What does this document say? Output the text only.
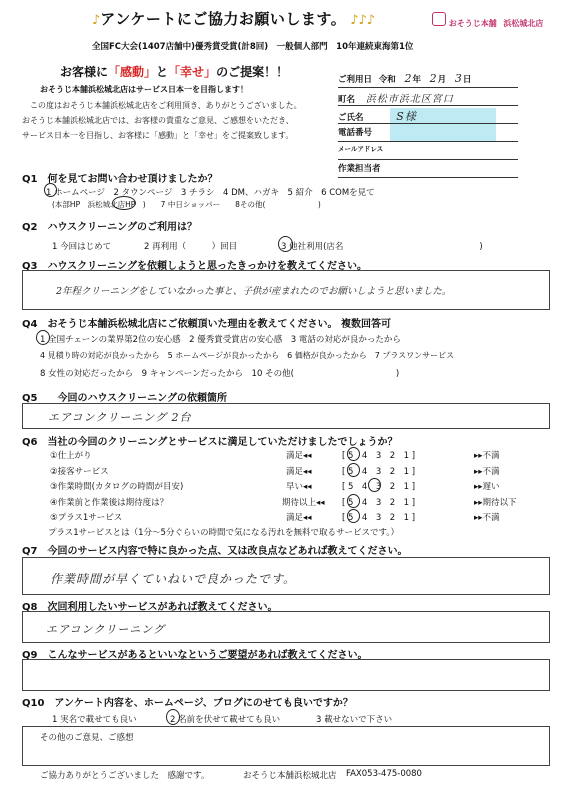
♪アンケートにご協力お願いします。 ♪♪♪	おそうじ本舗 浜松城北店
全国FC大会(1407店舗中)優秀賞受賞(計8回)　一般個人部門　10年連続東海第1位
お客様に「感動」と「幸せ」のご提案！！
おそうじ本舗浜松城北店はサービス日本一を目指します！
この度はおそうじ本舗浜松城北店をご利用頂き、ありがとうございました。
おそうじ本舗浜松城北店では、お客様の貴重なご意見、ご感想をいただき、
サービス日本一を目指し、お客様に「感動」と「幸せ」をご提案致します。
ご利用日 令和 2年 2月 3日
町名 浜松市浜北区宮口
ご氏名	S様
電話番号
メールアドレス
作業担当者
Q1　 何を見てお問い合わせ頂けましたか？
1 ホームページ　2 タウンページ　3 チラシ　4 DM、ハガキ　5 紹介　6 COMを見て
(本部HP　浜松城北店HP　)　　7 中日ショッパー　　8その他(　　　　　　　)
Q2　 ハウスクリーニングのご利用は？
1 今回はじめて	2 再利用（　　　）回目	3 他社利用(店名　　　　　　　　　　　　　　　　)
Q3　 ハウスクリーニングを依頼しようと思ったきっかけを教えてください。
2年程クリーニングをしていなかった事と、子供が産まれたのでお願いしようと思いました。
Q4　 おそうじ本舗浜松城北店にご依頼頂いた理由を教えてください。 複数回答可
1 全国チェーンの業界第2位の安心感　2 優秀賞受賞店の安心感　3 電話の対応が良かったから
4 見積り時の対応が良かったから　5 ホームページが良かったから　6 価格が良かったから　7 プラスワンサービス
8 女性の対応だったから　9 キャンペーンだったから　10 その他(　　　　　　　　　　　　)
Q5　　 今回のハウスクリーニングの依頼箇所
エアコンクリーニング 2台
Q6　 当社の今回のクリーニングとサービスに満足していただけましたでしょうか？
①仕上がり	満足◂◂	[ 5　4　3　2　1 ]	▸▸不満
②接客サービス	満足◂◂	[ 5　4　3　2　1 ]	▸▸不満
③作業時間(カタログの時間が目安)	早い◂◂	[ 5　4　3　2　1 ]	▸▸遅い
④作業前と作業後は期待度は？	期待以上◂◂ [ 5　4　3　2　1 ]	▸▸期待以下
⑤プラス1サービス	満足◂◂	[ 5　4　3　2　1 ]	▸▸不満
プラス1サービスとは（1分～5分ぐらいの時間で気になる汚れを無料で取るサービスです。）
Q7　 今回のサービス内容で特に良かった点、又は改良点などあれば教えてください。
作業時間が早くていねいで良かったです。
Q8　 次回利用したいサービスがあれば教えてください。
エアコンクリーニング
Q9　 こんなサービスがあるといいなというご要望があれば教えてください。
Q10　 アンケート内容を、ホームページ、ブログにのせても良いですか？
1 実名で載せても良い	2 名前を伏せて載せても良い	3 載せないで下さい
その他のご意見、ご感想
ご協力ありがとうございました　感謝です。	おそうじ本舗浜松城北店 FAX053-475-0080
